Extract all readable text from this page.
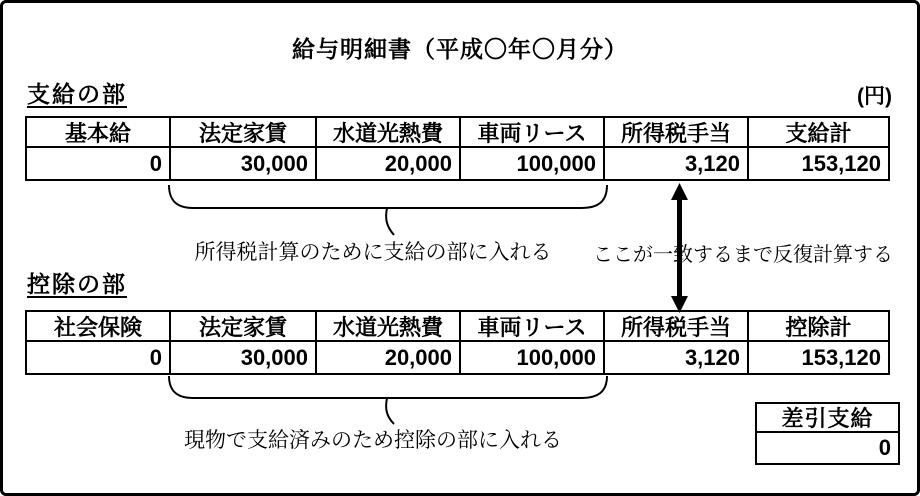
給与明細書（平成〇年〇月分）
支給の部	(円)
基本給	法定家賃	水道光熱費	車両リース	所得税手当	支給計
0	30,000	20,000	100,000	3,120	153,120
所得税計算のために支給の部に入れる	ここが一致するまで反復計算する
控除の部
社会保険	法定家賃	水道光熱費	車両リース	所得税手当	控除計
0	30,000	20,000	100,000	3,120	153,120
現物で支給済みのため控除の部に入れる
差引支給
0
